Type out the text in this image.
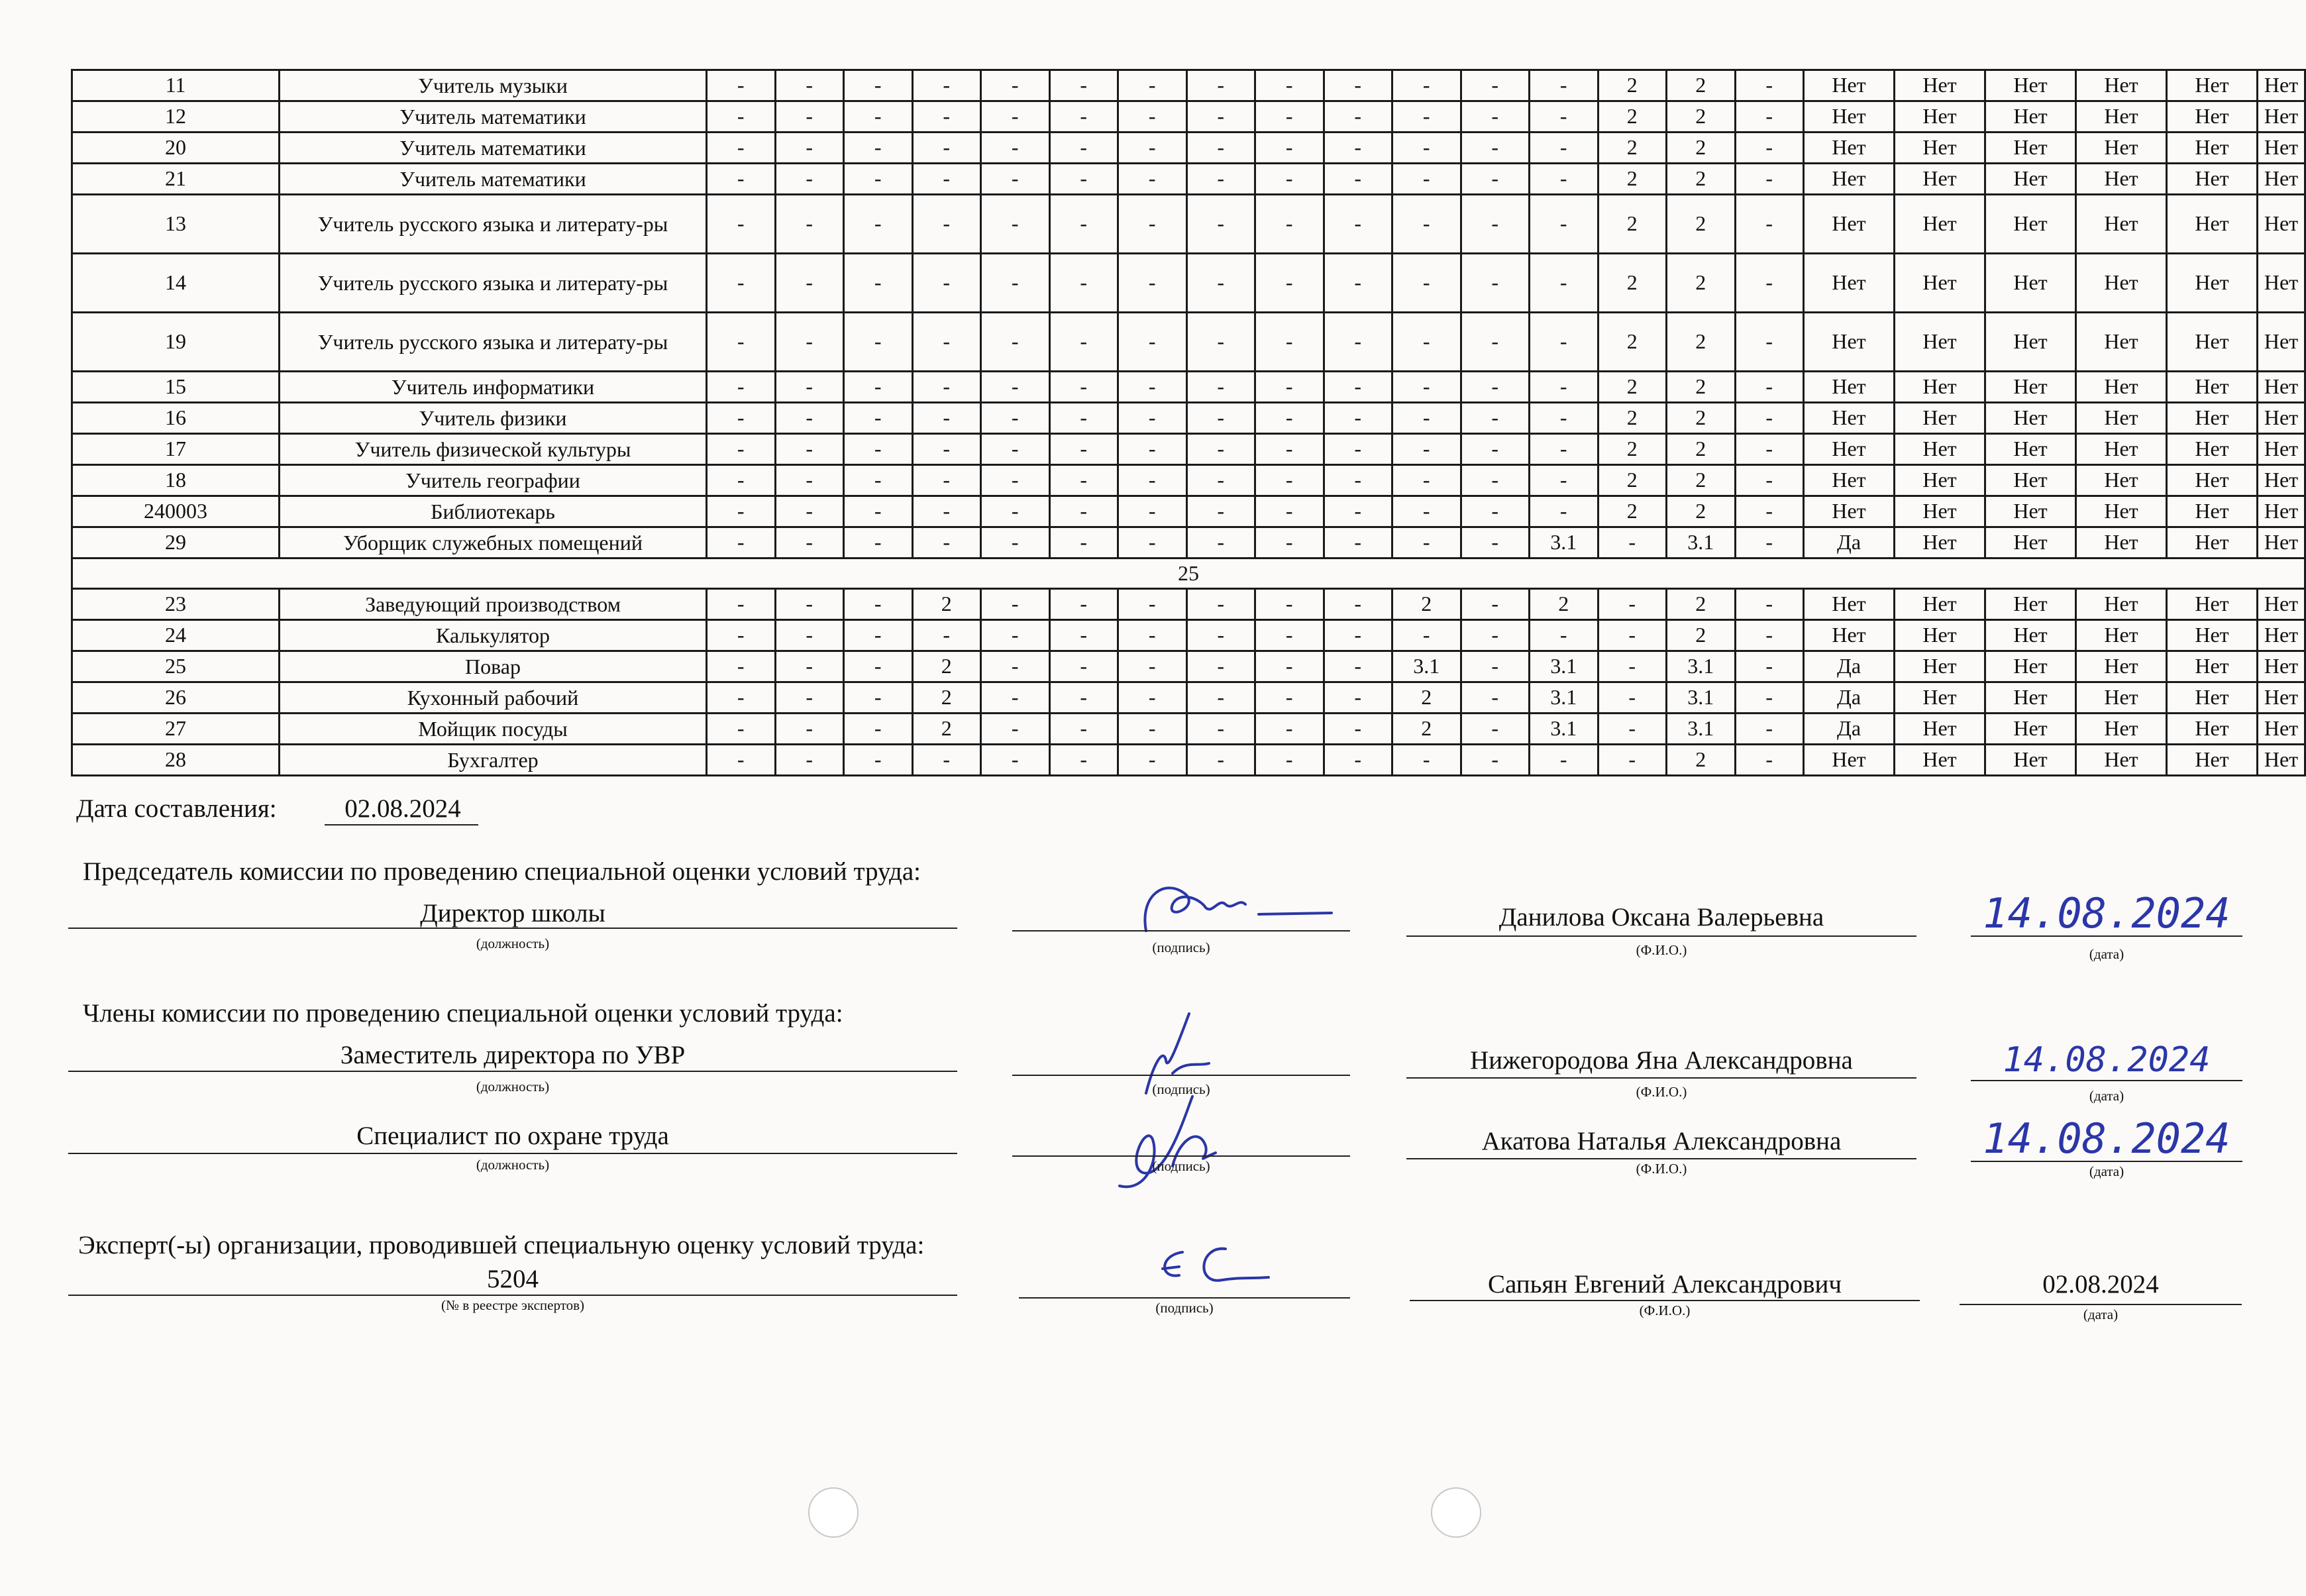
11	Учитель музыки	-	-	-	-	-	-	-	-	-	-	-	-	-	2	2	-	Нет	Нет	Нет	Нет	Нет	Нет
12	Учитель математики	-	-	-	-	-	-	-	-	-	-	-	-	-	2	2	-	Нет	Нет	Нет	Нет	Нет	Нет
20	Учитель математики	-	-	-	-	-	-	-	-	-	-	-	-	-	2	2	-	Нет	Нет	Нет	Нет	Нет	Нет
21	Учитель математики	-	-	-	-	-	-	-	-	-	-	-	-	-	2	2	-	Нет	Нет	Нет	Нет	Нет	Нет
13	Учитель русского языка и литерату-ры	-	-	-	-	-	-	-	-	-	-	-	-	-	2	2	-	Нет	Нет	Нет	Нет	Нет	Нет
14	Учитель русского языка и литерату-ры	-	-	-	-	-	-	-	-	-	-	-	-	-	2	2	-	Нет	Нет	Нет	Нет	Нет	Нет
19	Учитель русского языка и литерату-ры	-	-	-	-	-	-	-	-	-	-	-	-	-	2	2	-	Нет	Нет	Нет	Нет	Нет	Нет
15	Учитель информатики	-	-	-	-	-	-	-	-	-	-	-	-	-	2	2	-	Нет	Нет	Нет	Нет	Нет	Нет
16	Учитель физики	-	-	-	-	-	-	-	-	-	-	-	-	-	2	2	-	Нет	Нет	Нет	Нет	Нет	Нет
17	Учитель физической культуры	-	-	-	-	-	-	-	-	-	-	-	-	-	2	2	-	Нет	Нет	Нет	Нет	Нет	Нет
18	Учитель географии	-	-	-	-	-	-	-	-	-	-	-	-	-	2	2	-	Нет	Нет	Нет	Нет	Нет	Нет
240003	Библиотекарь	-	-	-	-	-	-	-	-	-	-	-	-	-	2	2	-	Нет	Нет	Нет	Нет	Нет	Нет
29	Уборщик служебных помещений	-	-	-	-	-	-	-	-	-	-	-	-	3.1	-	3.1	-	Да	Нет	Нет	Нет	Нет	Нет
25																							
23	Заведующий производством	-	-	-	2	-	-	-	-	-	-	2	-	2	-	2	-	Нет	Нет	Нет	Нет	Нет	Нет
24	Калькулятор	-	-	-	-	-	-	-	-	-	-	-	-	-	-	2	-	Нет	Нет	Нет	Нет	Нет	Нет
25	Повар	-	-	-	2	-	-	-	-	-	-	3.1	-	3.1	-	3.1	-	Да	Нет	Нет	Нет	Нет	Нет
26	Кухонный рабочий	-	-	-	2	-	-	-	-	-	-	2	-	3.1	-	3.1	-	Да	Нет	Нет	Нет	Нет	Нет
27	Мойщик посуды	-	-	-	2	-	-	-	-	-	-	2	-	3.1	-	3.1	-	Да	Нет	Нет	Нет	Нет	Нет
28	Бухгалтер	-	-	-	-	-	-	-	-	-	-	-	-	-	-	2	-	Нет	Нет	Нет	Нет	Нет	Нет
Дата составления:	02.08.2024
Председатель комиссии по проведению специальной оценки условий труда:
Директор школы
(должность)	(подпись)
Данилова Оксана Валерьевна
(Ф.И.О.)
14.08.2024
(дата)
Члены комиссии по проведению специальной оценки условий труда:
Заместитель директора по УВР
(должность)	(подпись)
Нижегородова Яна Александровна
(Ф.И.О.)
14.08.2024
(дата)
Специалист по охране труда
(должность)	(подпись)
Акатова Наталья Александровна
(Ф.И.О.)
14.08.2024
(дата)
Эксперт(-ы) организации, проводившей специальную оценку условий труда:
5204
(№ в реестре экспертов)	(подпись)
Сапьян Евгений Александрович
(Ф.И.О.)
02.08.2024
(дата)
